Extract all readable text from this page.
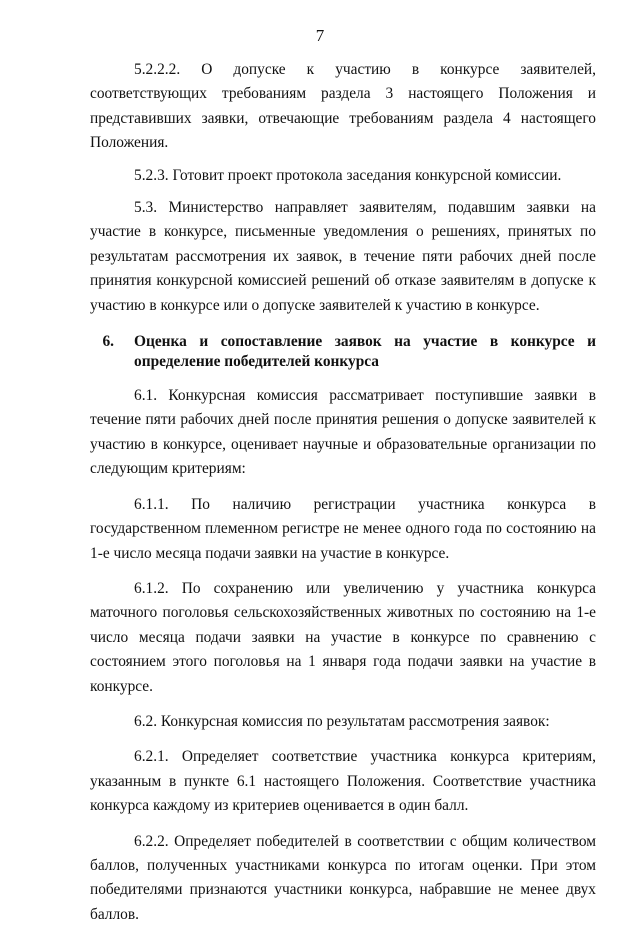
7

5.2.2.2. О допуске к участию в конкурсе заявителей, соответствующих требованиям раздела 3 настоящего Положения и представивших заявки, отвечающие требованиям раздела 4 настоящего Положения.

5.2.3. Готовит проект протокола заседания конкурсной комиссии.

5.3. Министерство направляет заявителям, подавшим заявки на участие в конкурсе, письменные уведомления о решениях, принятых по результатам рассмотрения их заявок, в течение пяти рабочих дней после принятия конкурсной комиссией решений об отказе заявителям в допуске к участию в конкурсе или о допуске заявителей к участию в конкурсе.

6.	Оценка и сопоставление заявок на участие в конкурсе и определение победителей конкурса

6.1. Конкурсная комиссия рассматривает поступившие заявки в течение пяти рабочих дней после принятия решения о допуске заявителей к участию в конкурсе, оценивает научные и образовательные организации по следующим критериям:

6.1.1. По наличию регистрации участника конкурса в государственном племенном регистре не менее одного года по состоянию на 1-е число месяца подачи заявки на участие в конкурсе.

6.1.2. По сохранению или увеличению у участника конкурса маточного поголовья сельскохозяйственных животных по состоянию на 1-е число месяца подачи заявки на участие в конкурсе по сравнению с состоянием этого поголовья на 1 января года подачи заявки на участие в конкурсе.

6.2. Конкурсная комиссия по результатам рассмотрения заявок:

6.2.1. Определяет соответствие участника конкурса критериям, указанным в пункте 6.1 настоящего Положения. Соответствие участника конкурса каждому из критериев оценивается в один балл.

6.2.2. Определяет победителей в соответствии с общим количеством баллов, полученных участниками конкурса по итогам оценки. При этом победителями признаются участники конкурса, набравшие не менее двух баллов.
